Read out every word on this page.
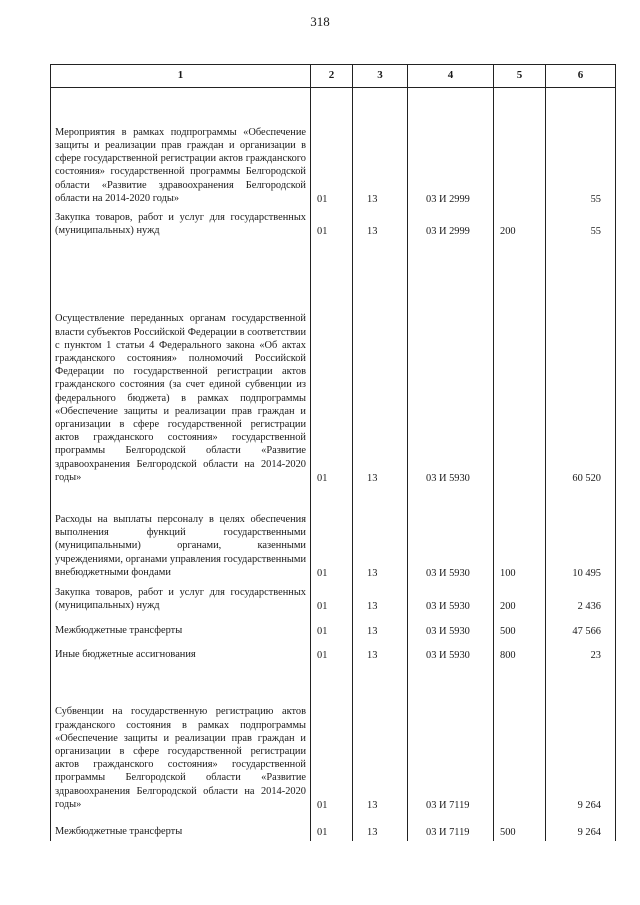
318
1	2	3	4	5	6

Мероприятия в рамках подпрограммы «Обеспечение защиты и реализации прав граждан и организации в сфере государственной регистрации актов гражданского состояния» государственной программы Белгородской области «Развитие здравоохранения Белгородской области на 2014-2020 годы»	01	13	03 И 2999		55

Закупка товаров, работ и услуг для государственных (муниципальных) нужд	01	13	03 И 2999	200	55

Осуществление переданных органам государственной власти субъектов Российской Федерации в соответствии с пунктом 1 статьи 4 Федерального закона «Об актах гражданского состояния» полномочий Российской Федерации по государственной регистрации актов гражданского состояния (за счет единой субвенции из федерального бюджета) в рамках подпрограммы «Обеспечение защиты и реализации прав граждан и организации в сфере государственной регистрации актов гражданского состояния» государственной программы Белгородской области «Развитие здравоохранения Белгородской области на 2014-2020 годы»	01	13	03 И 5930		60 520

Расходы на выплаты персоналу в целях обеспечения выполнения функций государственными (муниципальными) органами, казенными учреждениями, органами управления государственными внебюджетными фондами	01	13	03 И 5930	100	10 495

Закупка товаров, работ и услуг для государственных (муниципальных) нужд	01	13	03 И 5930	200	2 436

Межбюджетные трансферты	01	13	03 И 5930	500	47 566

Иные бюджетные ассигнования	01	13	03 И 5930	800	23

Субвенции на государственную регистрацию актов гражданского состояния в рамках подпрограммы «Обеспечение защиты и реализации прав граждан и организации в сфере государственной регистрации актов гражданского состояния» государственной программы Белгородской области «Развитие здравоохранения Белгородской области на 2014-2020 годы»	01	13	03 И 7119		9 264

Межбюджетные трансферты	01	13	03 И 7119	500	9 264
